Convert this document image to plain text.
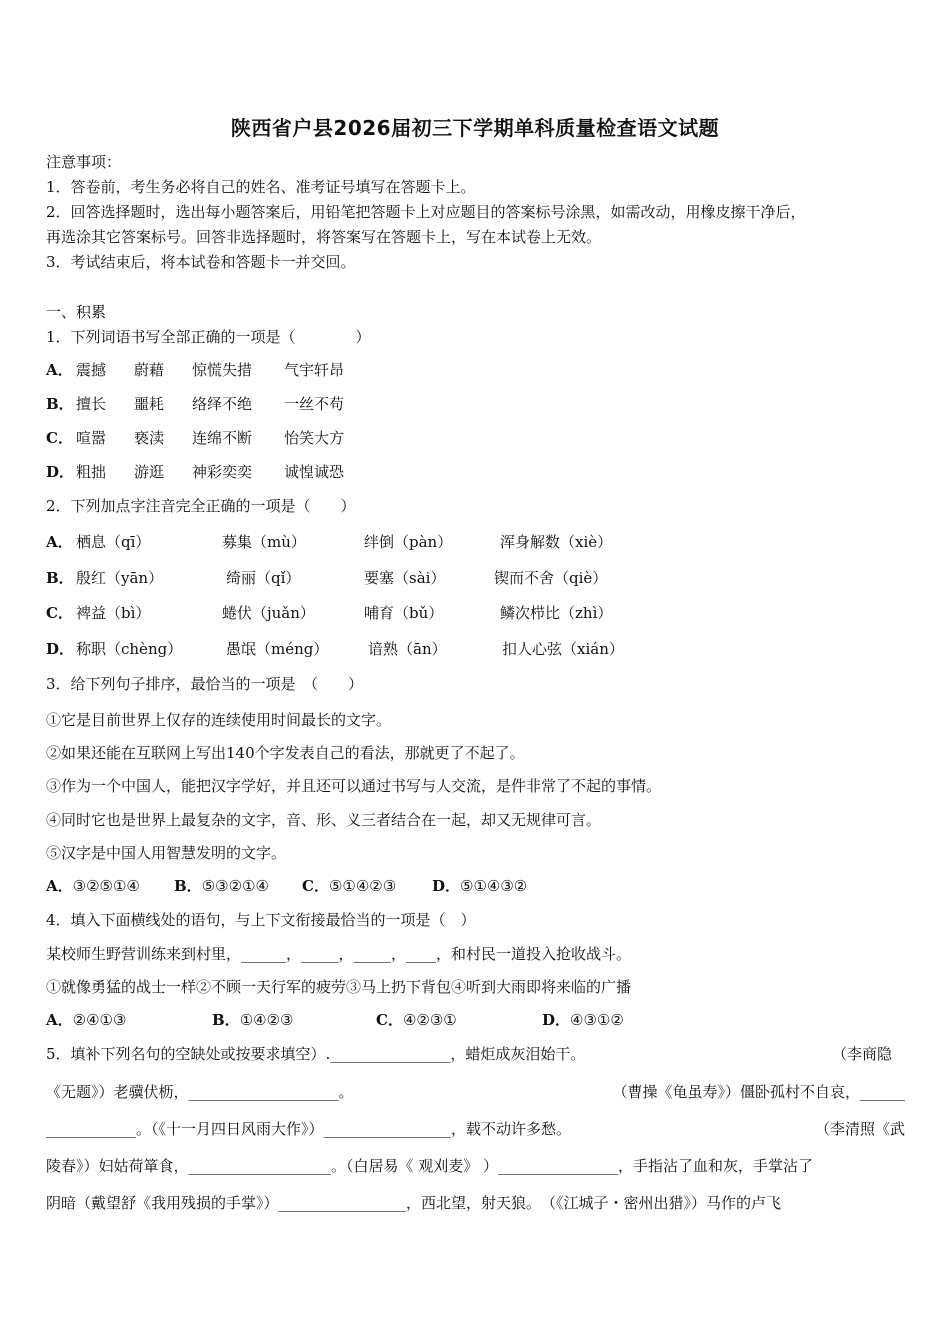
陕西省户县2026届初三下学期单科质量检查语文试题
注意事项：
1．答卷前，考生务必将自己的姓名、准考证号填写在答题卡上。
2．回答选择题时，选出每小题答案后，用铅笔把答题卡上对应题目的答案标号涂黑，如需改动，用橡皮擦干净后，
再选涂其它答案标号。回答非选择题时，将答案写在答题卡上，写在本试卷上无效。
3．考试结束后，将本试卷和答题卡一并交回。
一、积累
1．下列词语书写全部正确的一项是（　　　　）
A． 震撼 蔚藉 惊慌失措 气宇轩昂
B． 擅长 噩耗 络绎不绝 一丝不苟
C． 喧嚣 亵渎 连绵不断 怡笑大方
D． 粗拙 游逛 神彩奕奕 诚惶诚恐
2．下列加点字注音完全正确的一项是（　　）
A． 栖息（qī）	募集（mù）	绊倒（pàn）	浑身解数（xiè）
B． 殷红（yān）	绮丽（qǐ）	要塞（sài）	锲而不舍（qiè）
C． 裨益（bì）	蜷伏（juǎn）	哺育（bǔ）	鳞次栉比（zhì）
D． 称职（chèng）	愚氓（méng）	谙熟（ān）	扣人心弦（xián）
3．给下列句子排序，最恰当的一项是　（　　）
①它是目前世界上仅存的连续使用时间最长的文字。
②如果还能在互联网上写出140个字发表自己的看法，那就更了不起了。
③作为一个中国人，能把汉字学好，并且还可以通过书写与人交流，是件非常了不起的事情。
④同时它也是世界上最复杂的文字，音、形、义三者结合在一起，却又无规律可言。
⑤汉字是中国人用智慧发明的文字。
A．③②⑤①④ B．⑤③②①④ C．⑤①④②③ D．⑤①④③②
4．填入下面横线处的语句，与上下文衔接最恰当的一项是（　）
某校师生野营训练来到村里，______，_____，_____，____，和村民一道投入抢收战斗。
①就像勇猛的战士一样②不顾一天行军的疲劳③马上扔下背包④听到大雨即将来临的广播
A．②④①③	B．①④②③	C．④②③①	D．④③①②
5．填补下列名句的空缺处或按要求填空）.________________，蜡炬成灰泪始干。	（李商隐
《无题》）老骥伏枥，____________________。	（曹操《龟虽寿》）僵卧孤村不自哀，______
____________。（《十一月四日风雨大作》）_________________，载不动许多愁。	（李清照《武
陵春》）妇姑荷箪食，___________________。（白居易《 观刈麦》 ）________________，手指沾了血和灰，手掌沾了
阴暗（戴望舒《我用残损的手掌》）_________________，西北望，射天狼。　（《江城子・密州出猎》）马作的卢飞
